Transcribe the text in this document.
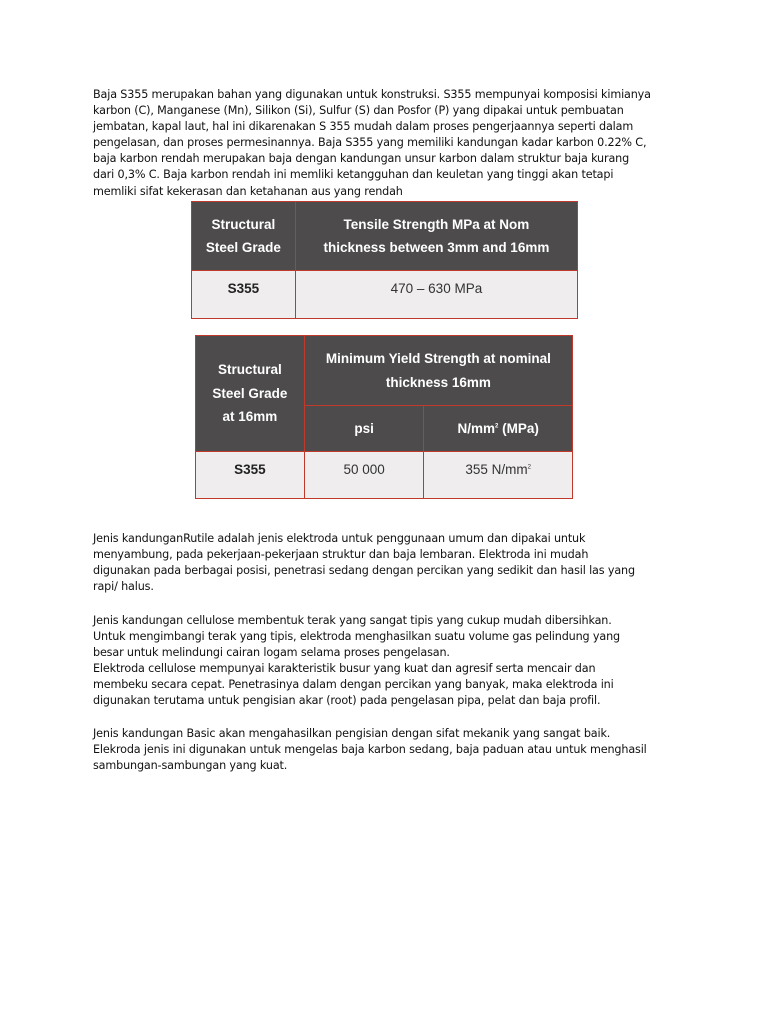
Baja S355 merupakan bahan yang digunakan untuk konstruksi. S355 mempunyai komposisi kimianya
karbon (C), Manganese (Mn), Silikon (Si), Sulfur (S) dan Posfor (P) yang dipakai untuk pembuatan
jembatan, kapal laut, hal ini dikarenakan S 355 mudah dalam proses pengerjaannya seperti dalam
pengelasan, dan proses permesinannya. Baja S355 yang memiliki kandungan kadar karbon 0.22% C,
baja karbon rendah merupakan baja dengan kandungan unsur karbon dalam struktur baja kurang
dari 0,3% C. Baja karbon rendah ini memliki ketangguhan dan keuletan yang tinggi akan tetapi
memliki sifat kekerasan dan ketahanan aus yang rendah
Structural
Steel Grade	Tensile Strength MPa at Nom
thickness between 3mm and 16mm
S355	470 – 630 MPa
Structural
Steel Grade
at 16mm	Minimum Yield Strength at nominal
thickness 16mm	
	psi	$N/mm^2$ (MPa)
S355	50 000	355 $N/mm^2$
Jenis kandunganRutile adalah jenis elektroda untuk penggunaan umum dan dipakai untuk
menyambung, pada pekerjaan-pekerjaan struktur dan baja lembaran. Elektroda ini mudah
digunakan pada berbagai posisi, penetrasi sedang dengan percikan yang sedikit dan hasil las yang
rapi/ halus.
Jenis kandungan cellulose membentuk terak yang sangat tipis yang cukup mudah dibersihkan.
Untuk mengimbangi terak yang tipis, elektroda menghasilkan suatu volume gas pelindung yang
besar untuk melindungi cairan logam selama proses pengelasan.
Elektroda cellulose mempunyai karakteristik busur yang kuat dan agresif serta mencair dan
membeku secara cepat. Penetrasinya dalam dengan percikan yang banyak, maka elektroda ini
digunakan terutama untuk pengisian akar (root) pada pengelasan pipa, pelat dan baja profil.
Jenis kandungan Basic akan mengahasilkan pengisian dengan sifat mekanik yang sangat baik.
Elekroda jenis ini digunakan untuk mengelas baja karbon sedang, baja paduan atau untuk menghasil
sambungan-sambungan yang kuat.
